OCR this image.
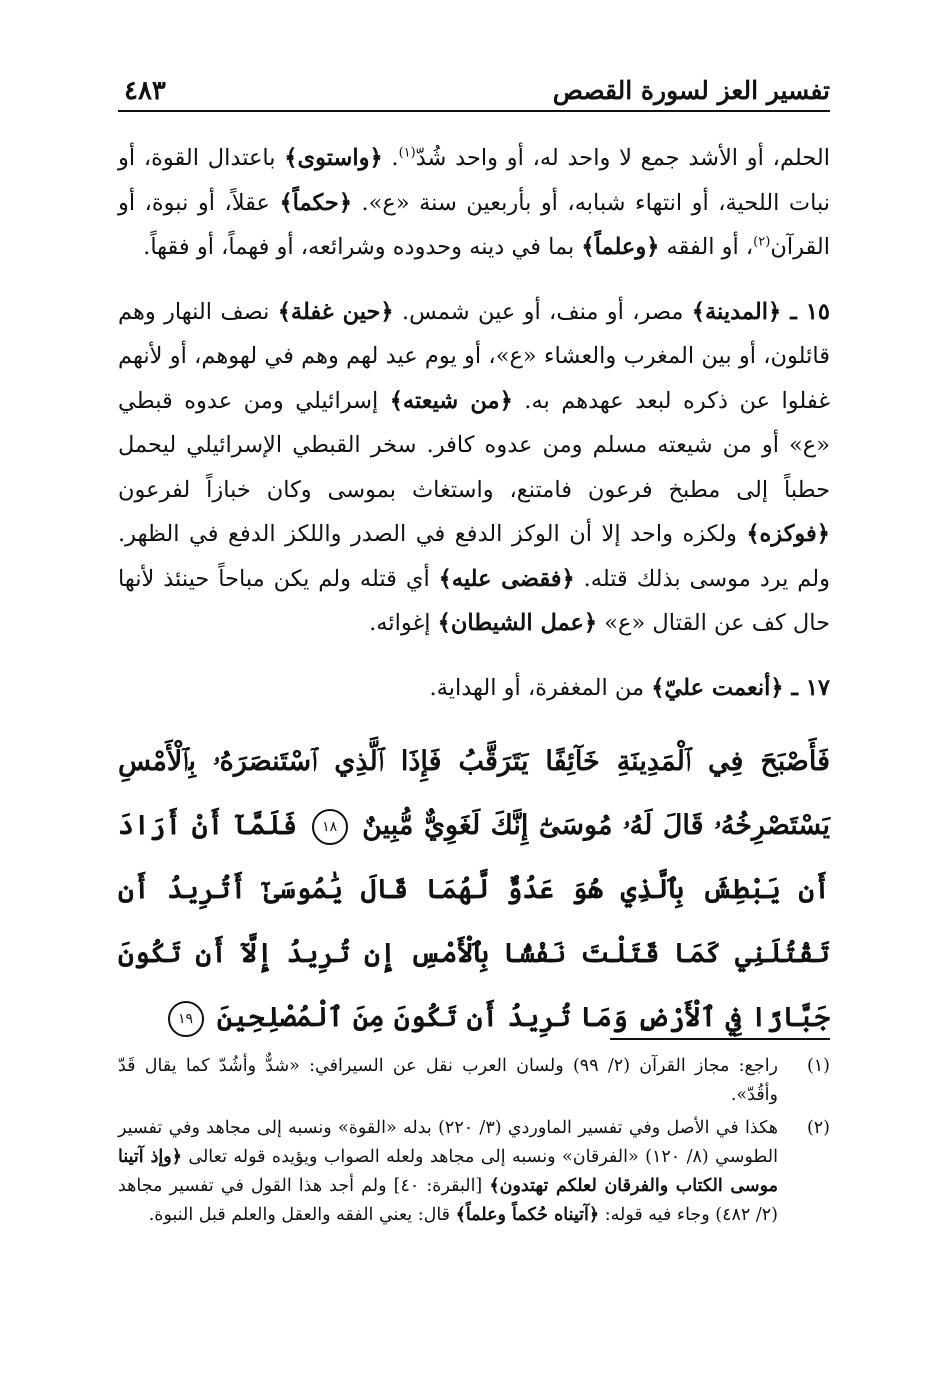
تفسير العز لسورة القصص
٤٨٣

الحلم، أو الأشد جمع لا واحد له، أو واحد شُدّ$^{(١)}$. ﴿واستوى﴾ باعتدال القوة، أو نبات اللحية، أو انتهاء شبابه، أو بأربعين سنة «ع». ﴿حكماً﴾ عقلاً، أو نبوة، أو القرآن$^{(٢)}$، أو الفقه ﴿وعلماً﴾ بما في دينه وحدوده وشرائعه، أو فهماً، أو فقهاً.

١٥ ـ ﴿المدينة﴾ مصر، أو منف، أو عين شمس. ﴿حين غفلة﴾ نصف النهار وهم قائلون، أو بين المغرب والعشاء «ع»، أو يوم عيد لهم وهم في لهوهم، أو لأنهم غفلوا عن ذكره لبعد عهدهم به. ﴿من شيعته﴾ إسرائيلي ومن عدوه قبطي «ع» أو من شيعته مسلم ومن عدوه كافر. سخر القبطي الإسرائيلي ليحمل حطباً إلى مطبخ فرعون فامتنع، واستغاث بموسى وكان خبازاً لفرعون ﴿فوكزه﴾ ولكزه واحد إلا أن الوكز الدفع في الصدر واللكز الدفع في الظهر. ولم يرد موسى بذلك قتله. ﴿فقضى عليه﴾ أي قتله ولم يكن مباحاً حينئذ لأنها حال كف عن القتال «ع» ﴿عمل الشيطان﴾ إغوائه.

١٧ ـ ﴿أنعمت عليّ﴾ من المغفرة، أو الهداية.

فَأَصْبَحَ فِي ٱلْمَدِينَةِ خَآئِفًا يَتَرَقَّبُ فَإِذَا ٱلَّذِي ٱسْتَنصَرَهُۥ بِٱلْأَمْسِ يَسْتَصْرِخُهُۥ قَالَ لَهُۥ مُوسَىٰٓ إِنَّكَ لَغَوِيٌّ مُّبِينٌ ١٨ فَلَمَّآ أَنْ أَرَادَ أَن يَبْطِشَ بِٱلَّذِي هُوَ عَدُوٌّ لَّهُمَا قَالَ يَٰمُوسَىٰٓ أَتُرِيدُ أَن تَقْتُلَنِي كَمَا قَتَلْتَ نَفْسًۢا بِٱلْأَمْسِ إِن تُرِيدُ إِلَّآ أَن تَكُونَ جَبَّارًا فِي ٱلْأَرْضِ وَمَا تُرِيدُ أَن تَكُونَ مِنَ ٱلْمُصْلِحِينَ ١٩

(١)
راجع: مجاز القرآن (٢/ ٩٩) ولسان العرب نقل عن السيرافي: «شدٌّ وأشُدّ كما يقال قَدّ وأقُدّ».

(٢)
هكذا في الأصل وفي تفسير الماوردي (٣/ ٢٢٠) بدله «القوة» ونسبه إلى مجاهد وفي تفسير الطوسي (٨/ ١٢٠) «الفرقان» ونسبه إلى مجاهد ولعله الصواب ويؤيده قوله تعالى ﴿وإذ آتينا موسى الكتاب والفرقان لعلكم تهتدون﴾ [البقرة: ٤٠] ولم أجد هذا القول في تفسير مجاهد (٢/ ٤٨٢) وجاء فيه قوله: ﴿آتيناه حُكماً وعلماً﴾ قال: يعني الفقه والعقل والعلم قبل النبوة.
